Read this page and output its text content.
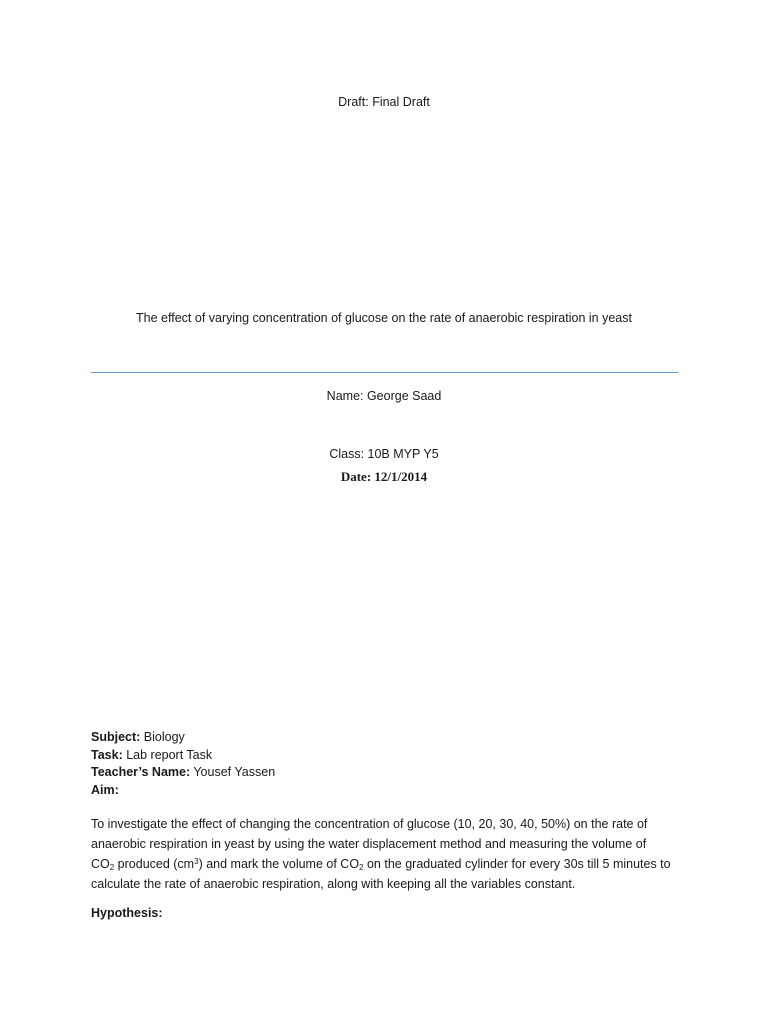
Draft: Final Draft
The effect of varying concentration of glucose on the rate of anaerobic respiration in yeast
Name: George Saad
Class: 10B MYP Y5
Date: 12/1/2014
Subject: Biology
Task: Lab report Task
Teacher’s Name: Yousef Yassen
Aim:
To investigate the effect of changing the concentration of glucose (10, 20, 30, 40, 50%) on the rate of
anaerobic respiration in yeast by using the water displacement method and measuring the volume of
$CO_2$ produced $(cm^3)$ and mark the volume of $CO_2$ on the graduated cylinder for every 30s till 5 minutes to
calculate the rate of anaerobic respiration, along with keeping all the variables constant.
Hypothesis:
